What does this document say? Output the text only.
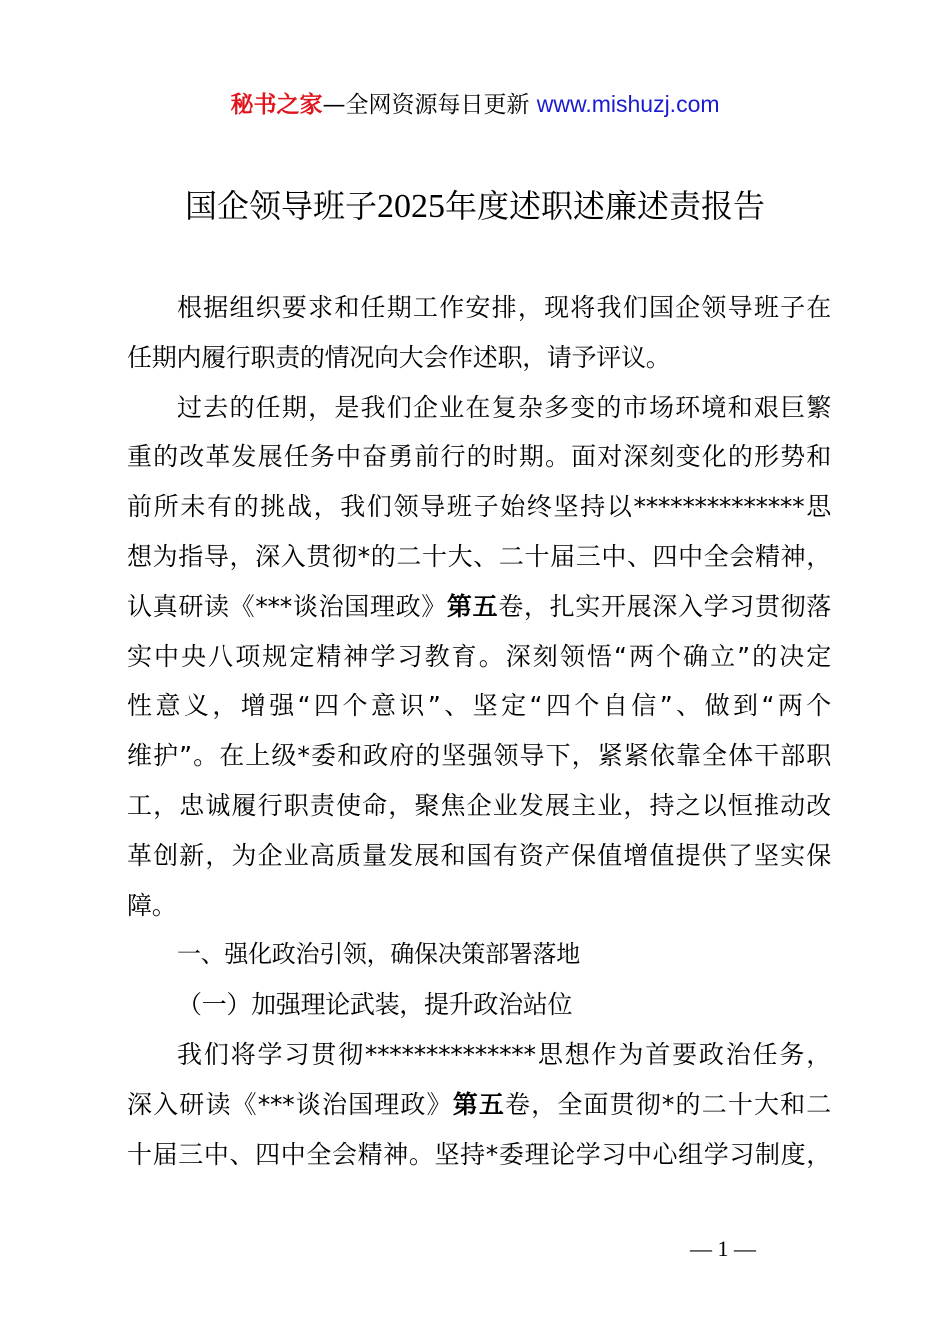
秘书之家—全网资源每日更新 www.mishuzj.com
国企领导班子2025年度述职述廉述责报告
根据组织要求和任期工作安排，现将我们国企领导班子在
任期内履行职责的情况向大会作述职，请予评议。
过去的任期，是我们企业在复杂多变的市场环境和艰巨繁
重的改革发展任务中奋勇前行的时期。面对深刻变化的形势和
前所未有的挑战，我们领导班子始终坚持以**************思
想为指导，深入贯彻*的二十大、二十届三中、四中全会精神，
认真研读《***谈治国理政》第五卷，扎实开展深入学习贯彻落
实中央八项规定精神学习教育。深刻领悟“两个确立”的决定
性意义，增强“四个意识”、坚定“四个自信”、做到“两个
维护”。在上级*委和政府的坚强领导下，紧紧依靠全体干部职
工，忠诚履行职责使命，聚焦企业发展主业，持之以恒推动改
革创新，为企业高质量发展和国有资产保值增值提供了坚实保
障。
一、强化政治引领，确保决策部署落地
（一）加强理论武装，提升政治站位
我们将学习贯彻**************思想作为首要政治任务，
深入研读《***谈治国理政》第五卷，全面贯彻*的二十大和二
十届三中、四中全会精神。坚持*委理论学习中心组学习制度，
— 1 —
